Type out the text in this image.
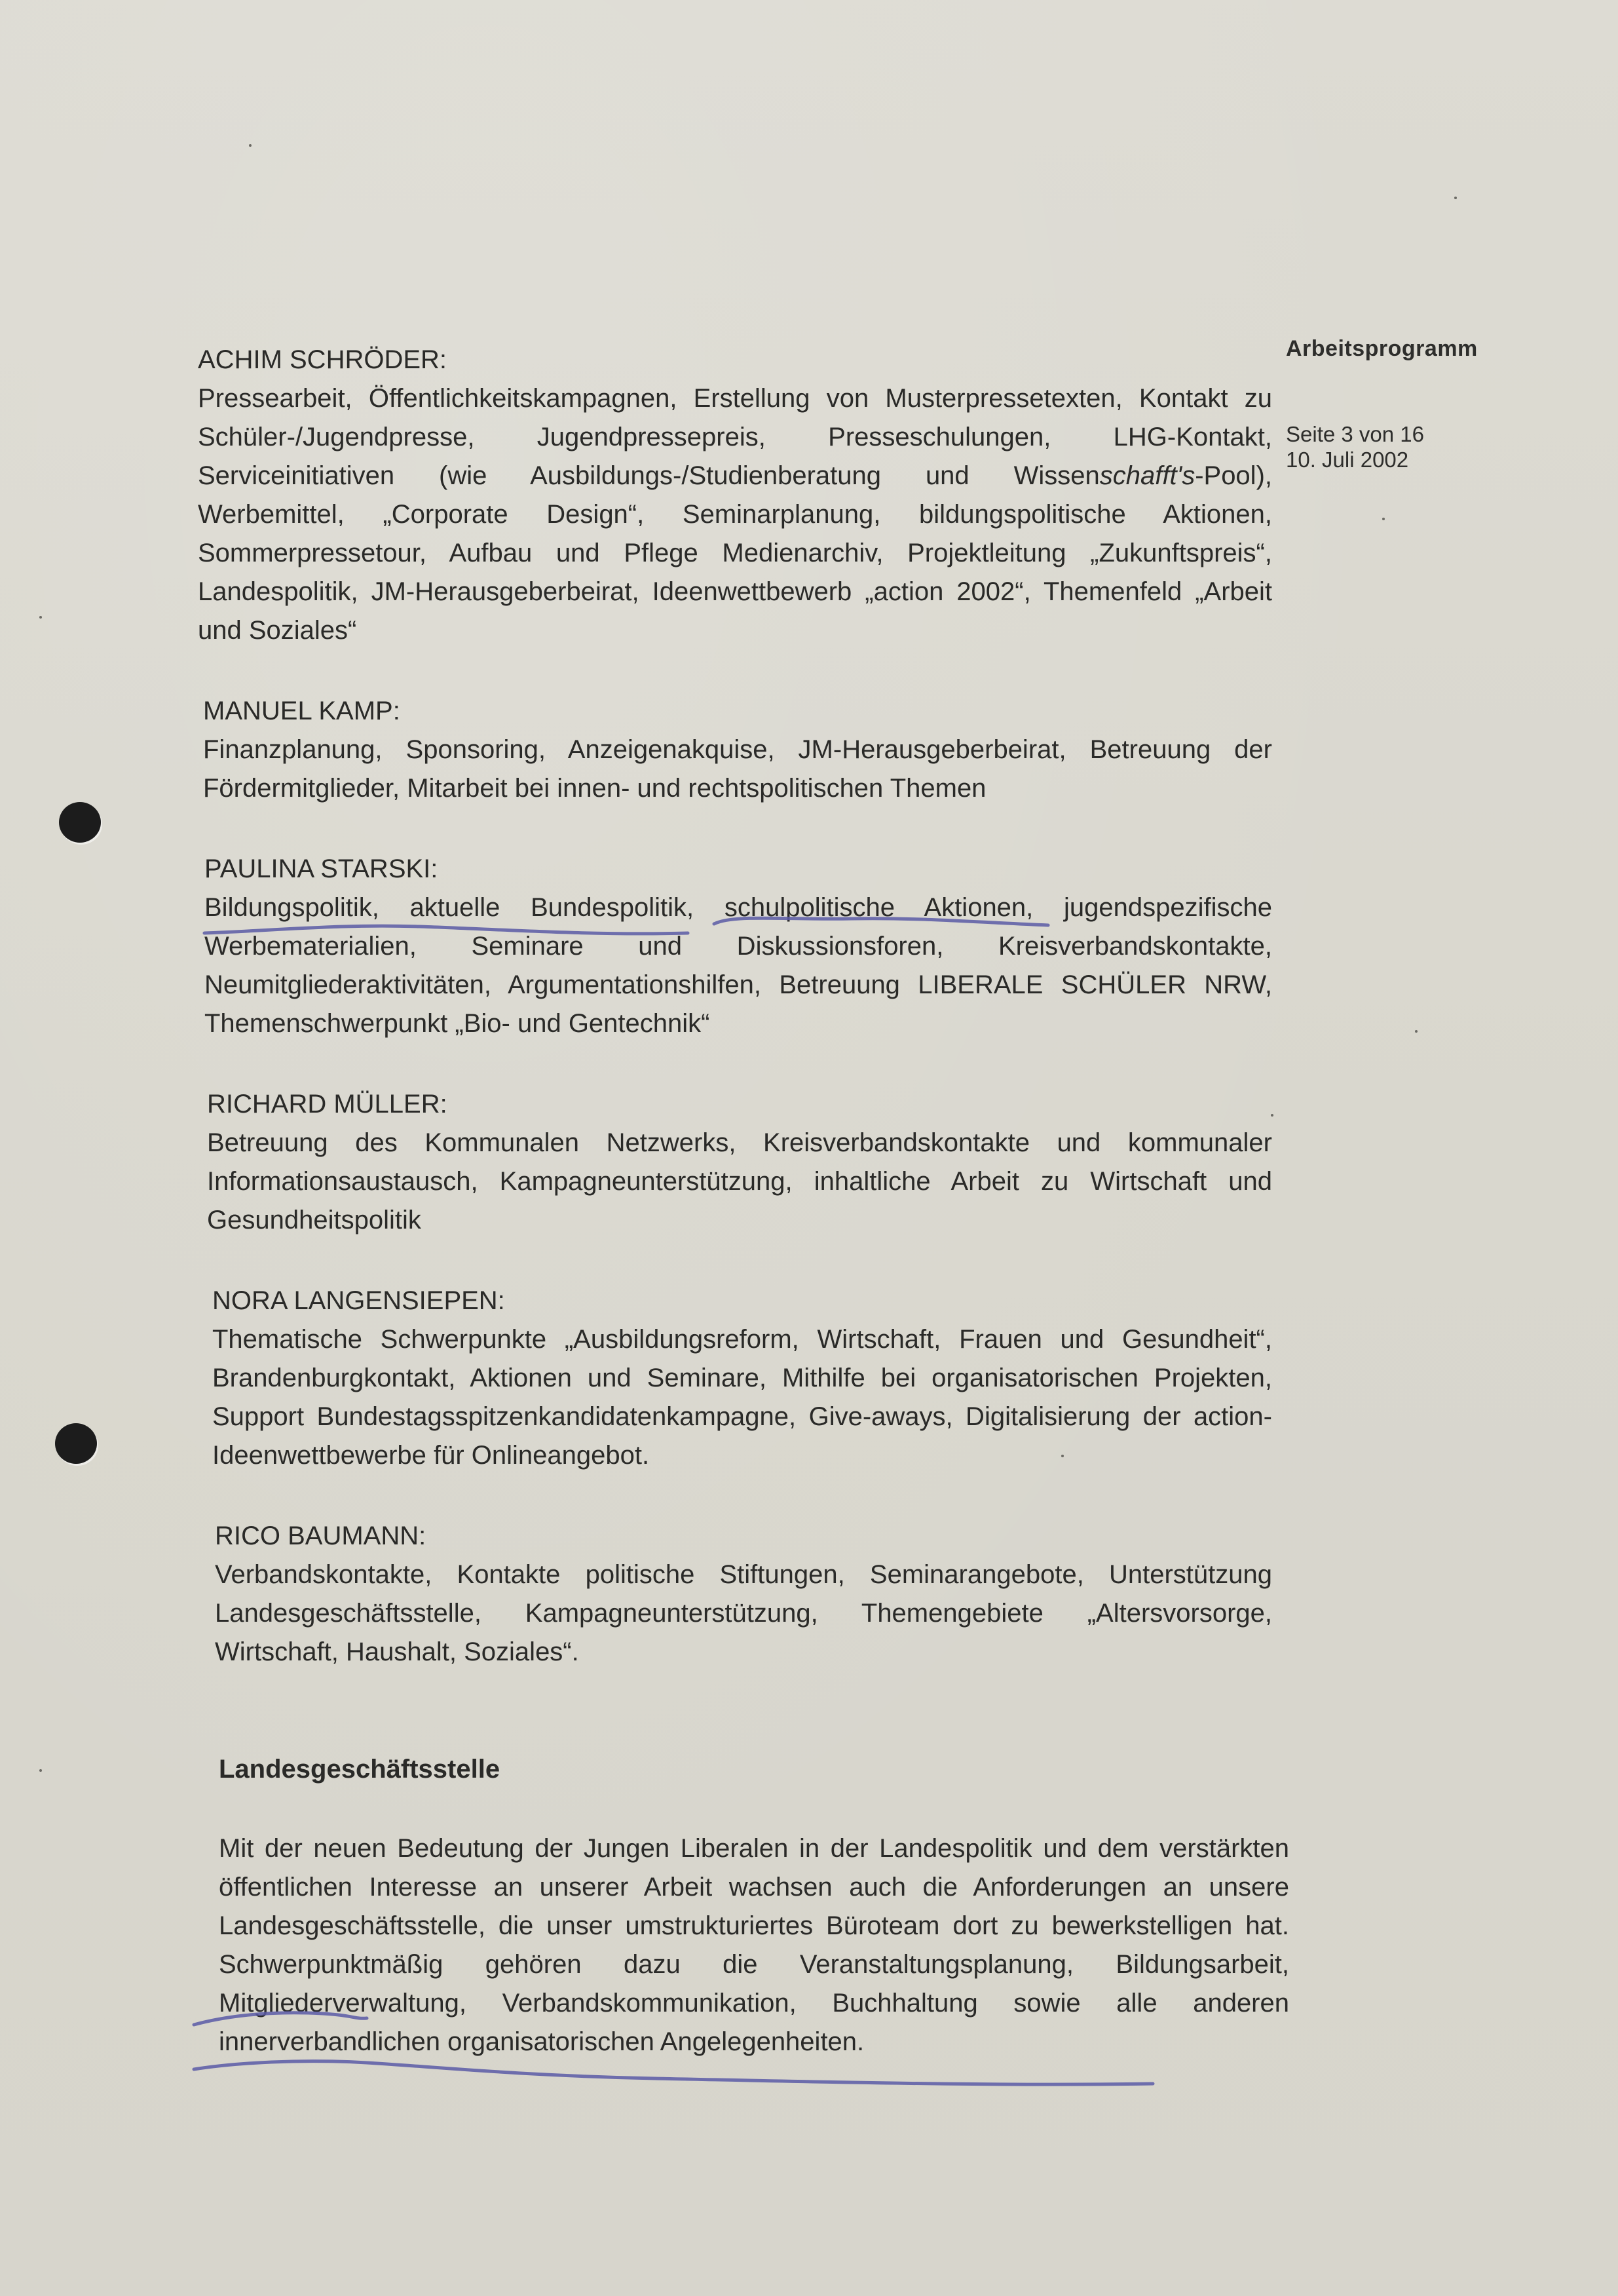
Arbeitsprogramm
Seite 3 von 16
10. Juli 2002
ACHIM SCHRÖDER:
Pressearbeit, Öffentlichkeitskampagnen, Erstellung von Musterpressetexten, Kontakt zu Schüler-/Jugendpresse, Jugendpressepreis, Presseschulungen, LHG-Kontakt, Serviceinitiativen (wie Ausbildungs-/Studienberatung und Wissenschafft's-Pool), Werbemittel, „Corporate Design“, Seminarplanung, bildungspolitische Aktionen, Sommerpressetour, Aufbau und Pflege Medienarchiv, Projektleitung „Zukunftspreis“, Landespolitik, JM-Herausgeberbeirat, Ideenwettbewerb „action 2002“, Themenfeld „Arbeit und Soziales“
MANUEL KAMP:
Finanzplanung, Sponsoring, Anzeigenakquise, JM-Herausgeberbeirat, Betreuung der Fördermitglieder, Mitarbeit bei innen- und rechtspolitischen Themen
PAULINA STARSKI:
Bildungspolitik, aktuelle Bundespolitik, schulpolitische Aktionen, jugendspezifische Werbematerialien, Seminare und Diskussionsforen, Kreisverbandskontakte, Neumitgliederaktivitäten, Argumentationshilfen, Betreuung LIBERALE SCHÜLER NRW, Themenschwerpunkt „Bio- und Gentechnik“
RICHARD MÜLLER:
Betreuung des Kommunalen Netzwerks, Kreisverbandskontakte und kommunaler Informationsaustausch, Kampagneunterstützung, inhaltliche Arbeit zu Wirtschaft und Gesundheitspolitik
NORA LANGENSIEPEN:
Thematische Schwerpunkte „Ausbildungsreform, Wirtschaft, Frauen und Gesundheit“, Brandenburgkontakt, Aktionen und Seminare, Mithilfe bei organisatorischen Projekten, Support Bundestagsspitzenkandidatenkampagne, Give-aways, Digitalisierung der action-Ideenwettbewerbe für Onlineangebot.
RICO BAUMANN:
Verbandskontakte, Kontakte politische Stiftungen, Seminarangebote, Unterstützung Landesgeschäftsstelle, Kampagneunterstützung, Themengebiete „Altersvorsorge, Wirtschaft, Haushalt, Soziales“.
Landesgeschäftsstelle
Mit der neuen Bedeutung der Jungen Liberalen in der Landespolitik und dem verstärkten öffentlichen Interesse an unserer Arbeit wachsen auch die Anforderungen an unsere Landesgeschäftsstelle, die unser umstrukturiertes Büroteam dort zu bewerkstelligen hat. Schwerpunktmäßig gehören dazu die Veranstaltungsplanung, Bildungsarbeit, Mitgliederverwaltung, Verbandskommunikation, Buchhaltung sowie alle anderen innerverbandlichen organisatorischen Angelegenheiten.
